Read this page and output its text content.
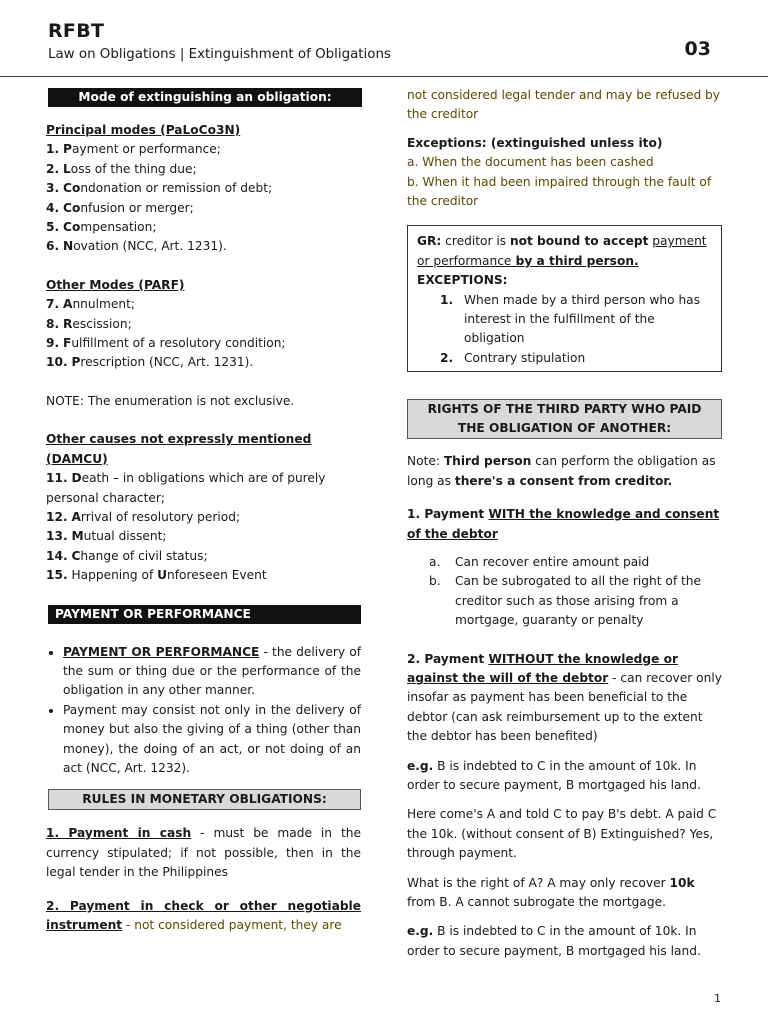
RFBT
Law on Obligations | Extinguishment of Obligations	03
Mode of extinguishing an obligation:

Principal modes (PaLoCo3N)

1. Payment or performance;

2. Loss of the thing due;

3. Condonation or remission of debt;

4. Confusion or merger;

5. Compensation;

6. Novation (NCC, Art. 1231).

Other Modes (PARF)

7. Annulment;

8. Rescission;

9. Fulfillment of a resolutory condition;

10. Prescription (NCC, Art. 1231).

NOTE: The enumeration is not exclusive.

Other causes not expressly mentioned (DAMCU)

11. Death – in obligations which are of purely personal character;

12. Arrival of resolutory period;

13. Mutual dissent;

14. Change of civil status;

15. Happening of Unforeseen Event

PAYMENT OR PERFORMANCE
• PAYMENT OR PERFORMANCE - the delivery of the sum or thing due or the performance of the obligation in any other manner.
• Payment may consist not only in the delivery of money but also the giving of a thing (other than money), the doing of an act, or not doing of an act (NCC, Art. 1232).
RULES IN MONETARY OBLIGATIONS:

1. Payment in cash - must be made in the currency stipulated; if not possible, then in the legal tender in the Philippines

2. Payment in check or other negotiable instrument - not considered payment, they are

not considered legal tender and may be refused by the creditor

Exceptions: (extinguished unless ito)

a. When the document has been cashed

b. When it had been impaired through the fault of the creditor

GR: creditor is not bound to accept payment or performance by a third person.

EXCEPTIONS:

1. When made by a third person who has interest in the fulfillment of the obligation
2. Contrary stipulation
RIGHTS OF THE THIRD PARTY WHO PAID THE OBLIGATION OF ANOTHER:

Note: Third person can perform the obligation as long as there's a consent from creditor.

1. Payment WITH the knowledge and consent of the debtor

a.	Can recover entire amount paid
b.	Can be subrogated to all the right of the creditor such as those arising from a mortgage, guaranty or penalty

2. Payment WITHOUT the knowledge or against the will of the debtor - can recover only insofar as payment has been beneficial to the debtor (can ask reimbursement up to the extent the debtor has been benefited)

e.g. B is indebted to C in the amount of 10k. In order to secure payment, B mortgaged his land.

Here come's A and told C to pay B's debt. A paid C the 10k. (without consent of B) Extinguished? Yes, through payment.

What is the right of A? A may only recover 10k from B. A cannot subrogate the mortgage.

e.g. B is indebted to C in the amount of 10k. In order to secure payment, B mortgaged his land.

1
